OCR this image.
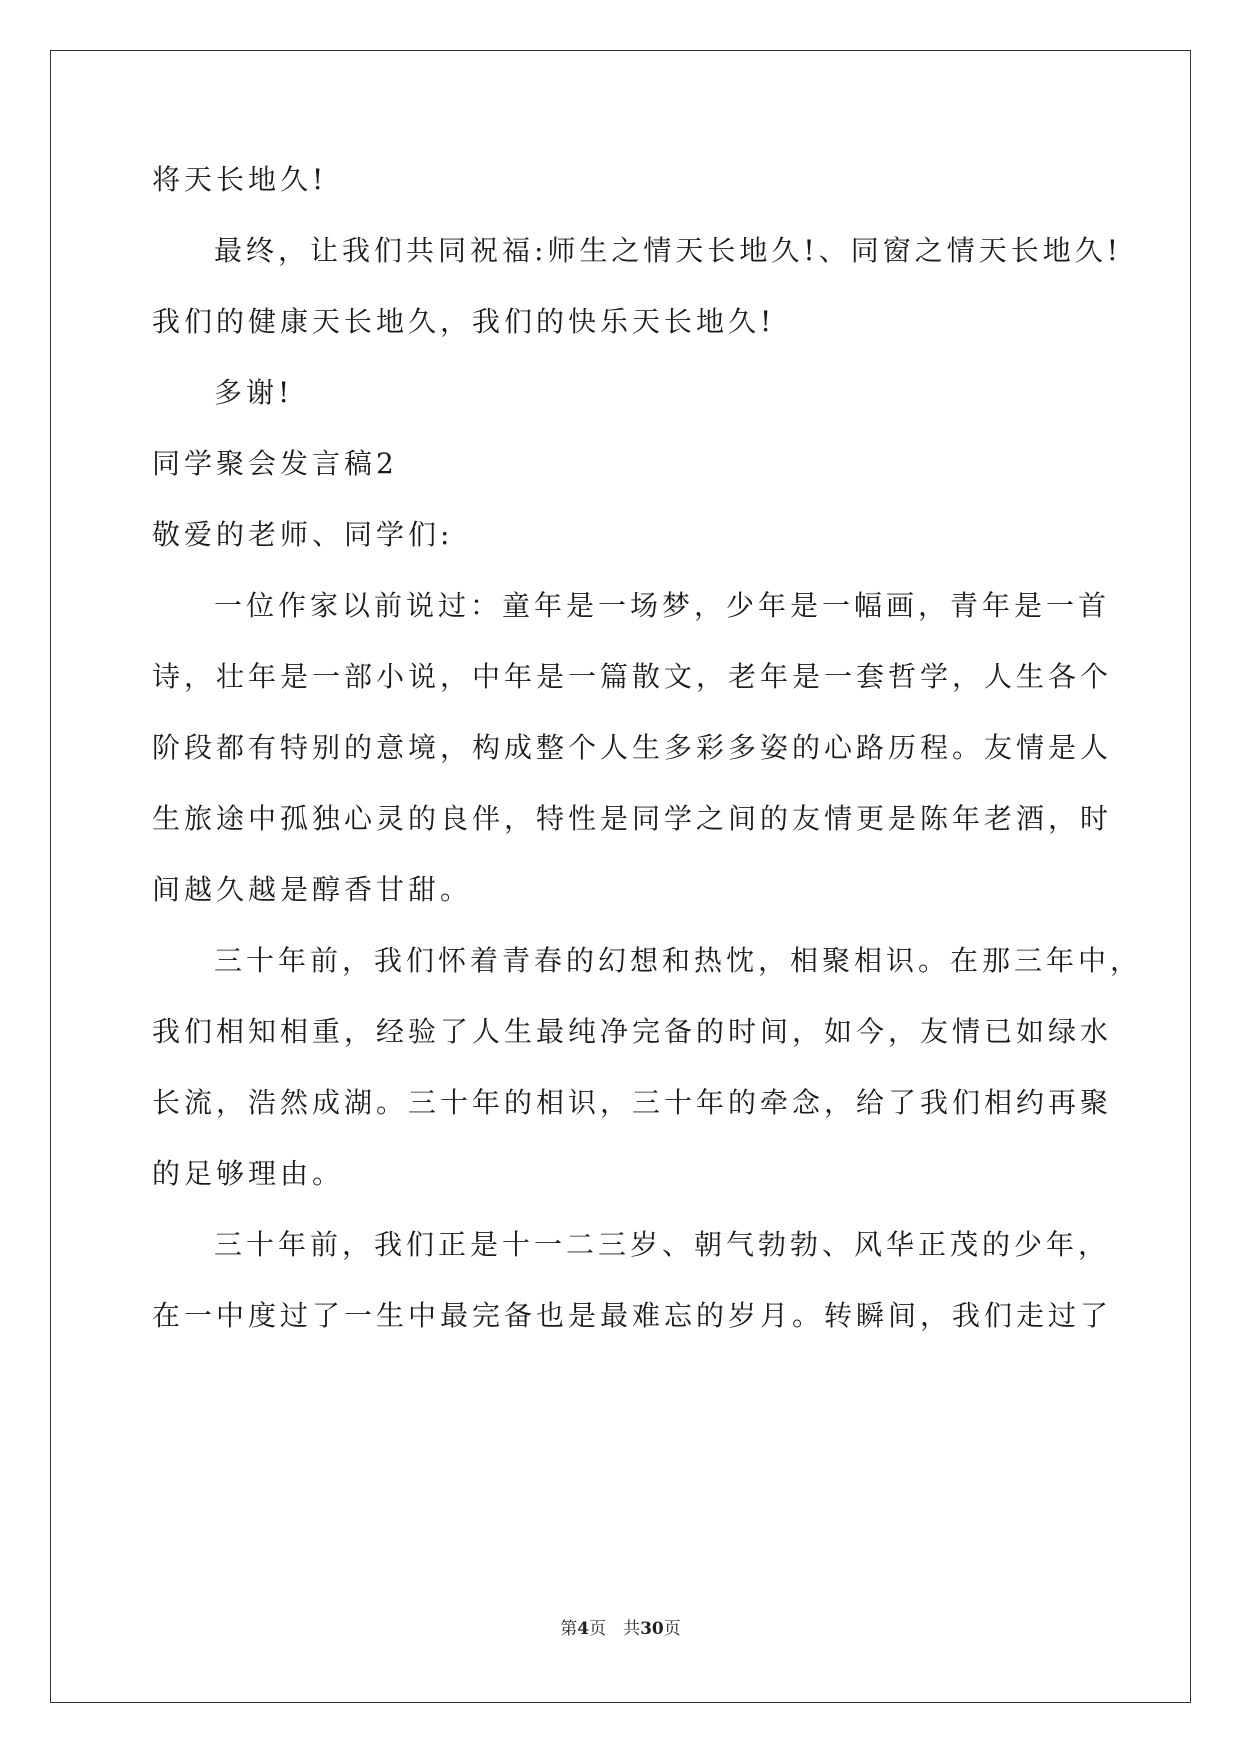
将天长地久!
最终，让我们共同祝福:师生之情天长地久!、同窗之情天长地久!
我们的健康天长地久，我们的快乐天长地久!
多谢!
同学聚会发言稿2
敬爱的老师、同学们:
一位作家以前说过：童年是一场梦，少年是一幅画，青年是一首
诗，壮年是一部小说，中年是一篇散文，老年是一套哲学，人生各个
阶段都有特别的意境，构成整个人生多彩多姿的心路历程。友情是人
生旅途中孤独心灵的良伴，特性是同学之间的友情更是陈年老酒，时
间越久越是醇香甘甜。
三十年前，我们怀着青春的幻想和热忱，相聚相识。在那三年中，
我们相知相重，经验了人生最纯净完备的时间，如今，友情已如绿水
长流，浩然成湖。三十年的相识，三十年的牵念，给了我们相约再聚
的足够理由。
三十年前，我们正是十一二三岁、朝气勃勃、风华正茂的少年，
在一中度过了一生中最完备也是最难忘的岁月。转瞬间，我们走过了
第4页　共30页
